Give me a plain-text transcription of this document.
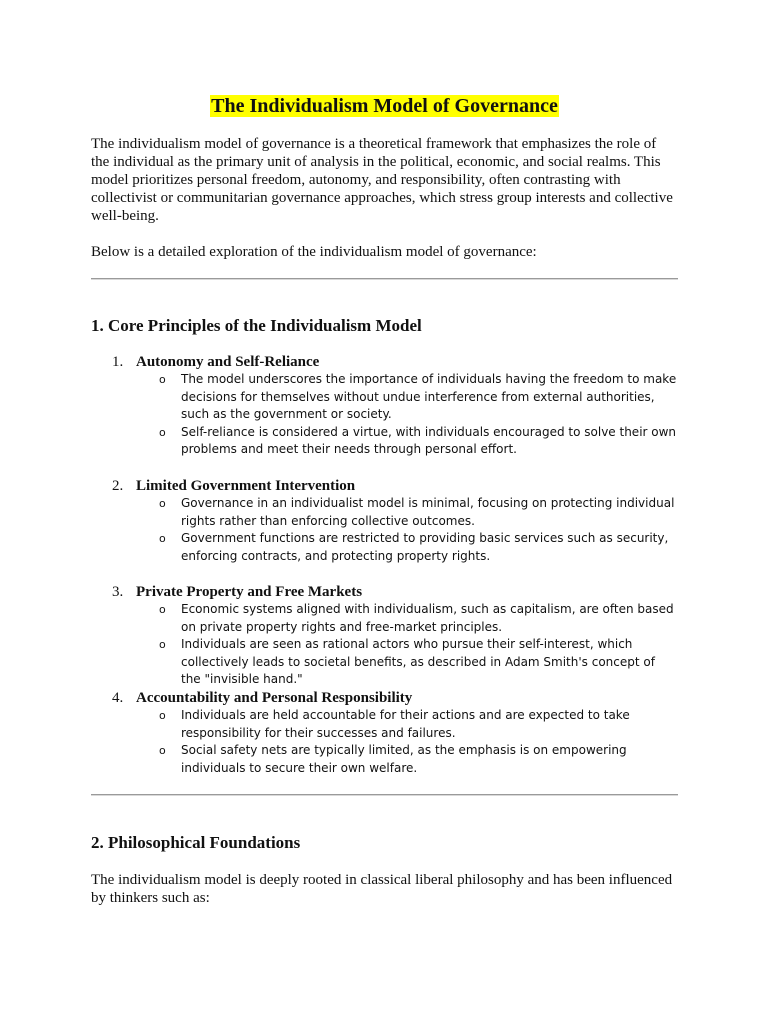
The Individualism Model of Governance

The individualism model of governance is a theoretical framework that emphasizes the role of the individual as the primary unit of analysis in the political, economic, and social realms. This model prioritizes personal freedom, autonomy, and responsibility, often contrasting with collectivist or communitarian governance approaches, which stress group interests and collective well-being.

Below is a detailed exploration of the individualism model of governance:

1. Core Principles of the Individualism Model
1. Autonomy and Self-Reliance
o The model underscores the importance of individuals having the freedom to make decisions for themselves without undue interference from external authorities, such as the government or society.
o Self-reliance is considered a virtue, with individuals encouraged to solve their own problems and meet their needs through personal effort.
2. Limited Government Intervention
o Governance in an individualist model is minimal, focusing on protecting individual rights rather than enforcing collective outcomes.
o Government functions are restricted to providing basic services such as security, enforcing contracts, and protecting property rights.
3. Private Property and Free Markets
o Economic systems aligned with individualism, such as capitalism, are often based on private property rights and free-market principles.
o Individuals are seen as rational actors who pursue their self-interest, which collectively leads to societal benefits, as described in Adam Smith's concept of the "invisible hand."
4. Accountability and Personal Responsibility
o Individuals are held accountable for their actions and are expected to take responsibility for their successes and failures.
o Social safety nets are typically limited, as the emphasis is on empowering individuals to secure their own welfare.
2. Philosophical Foundations

The individualism model is deeply rooted in classical liberal philosophy and has been influenced by thinkers such as:
